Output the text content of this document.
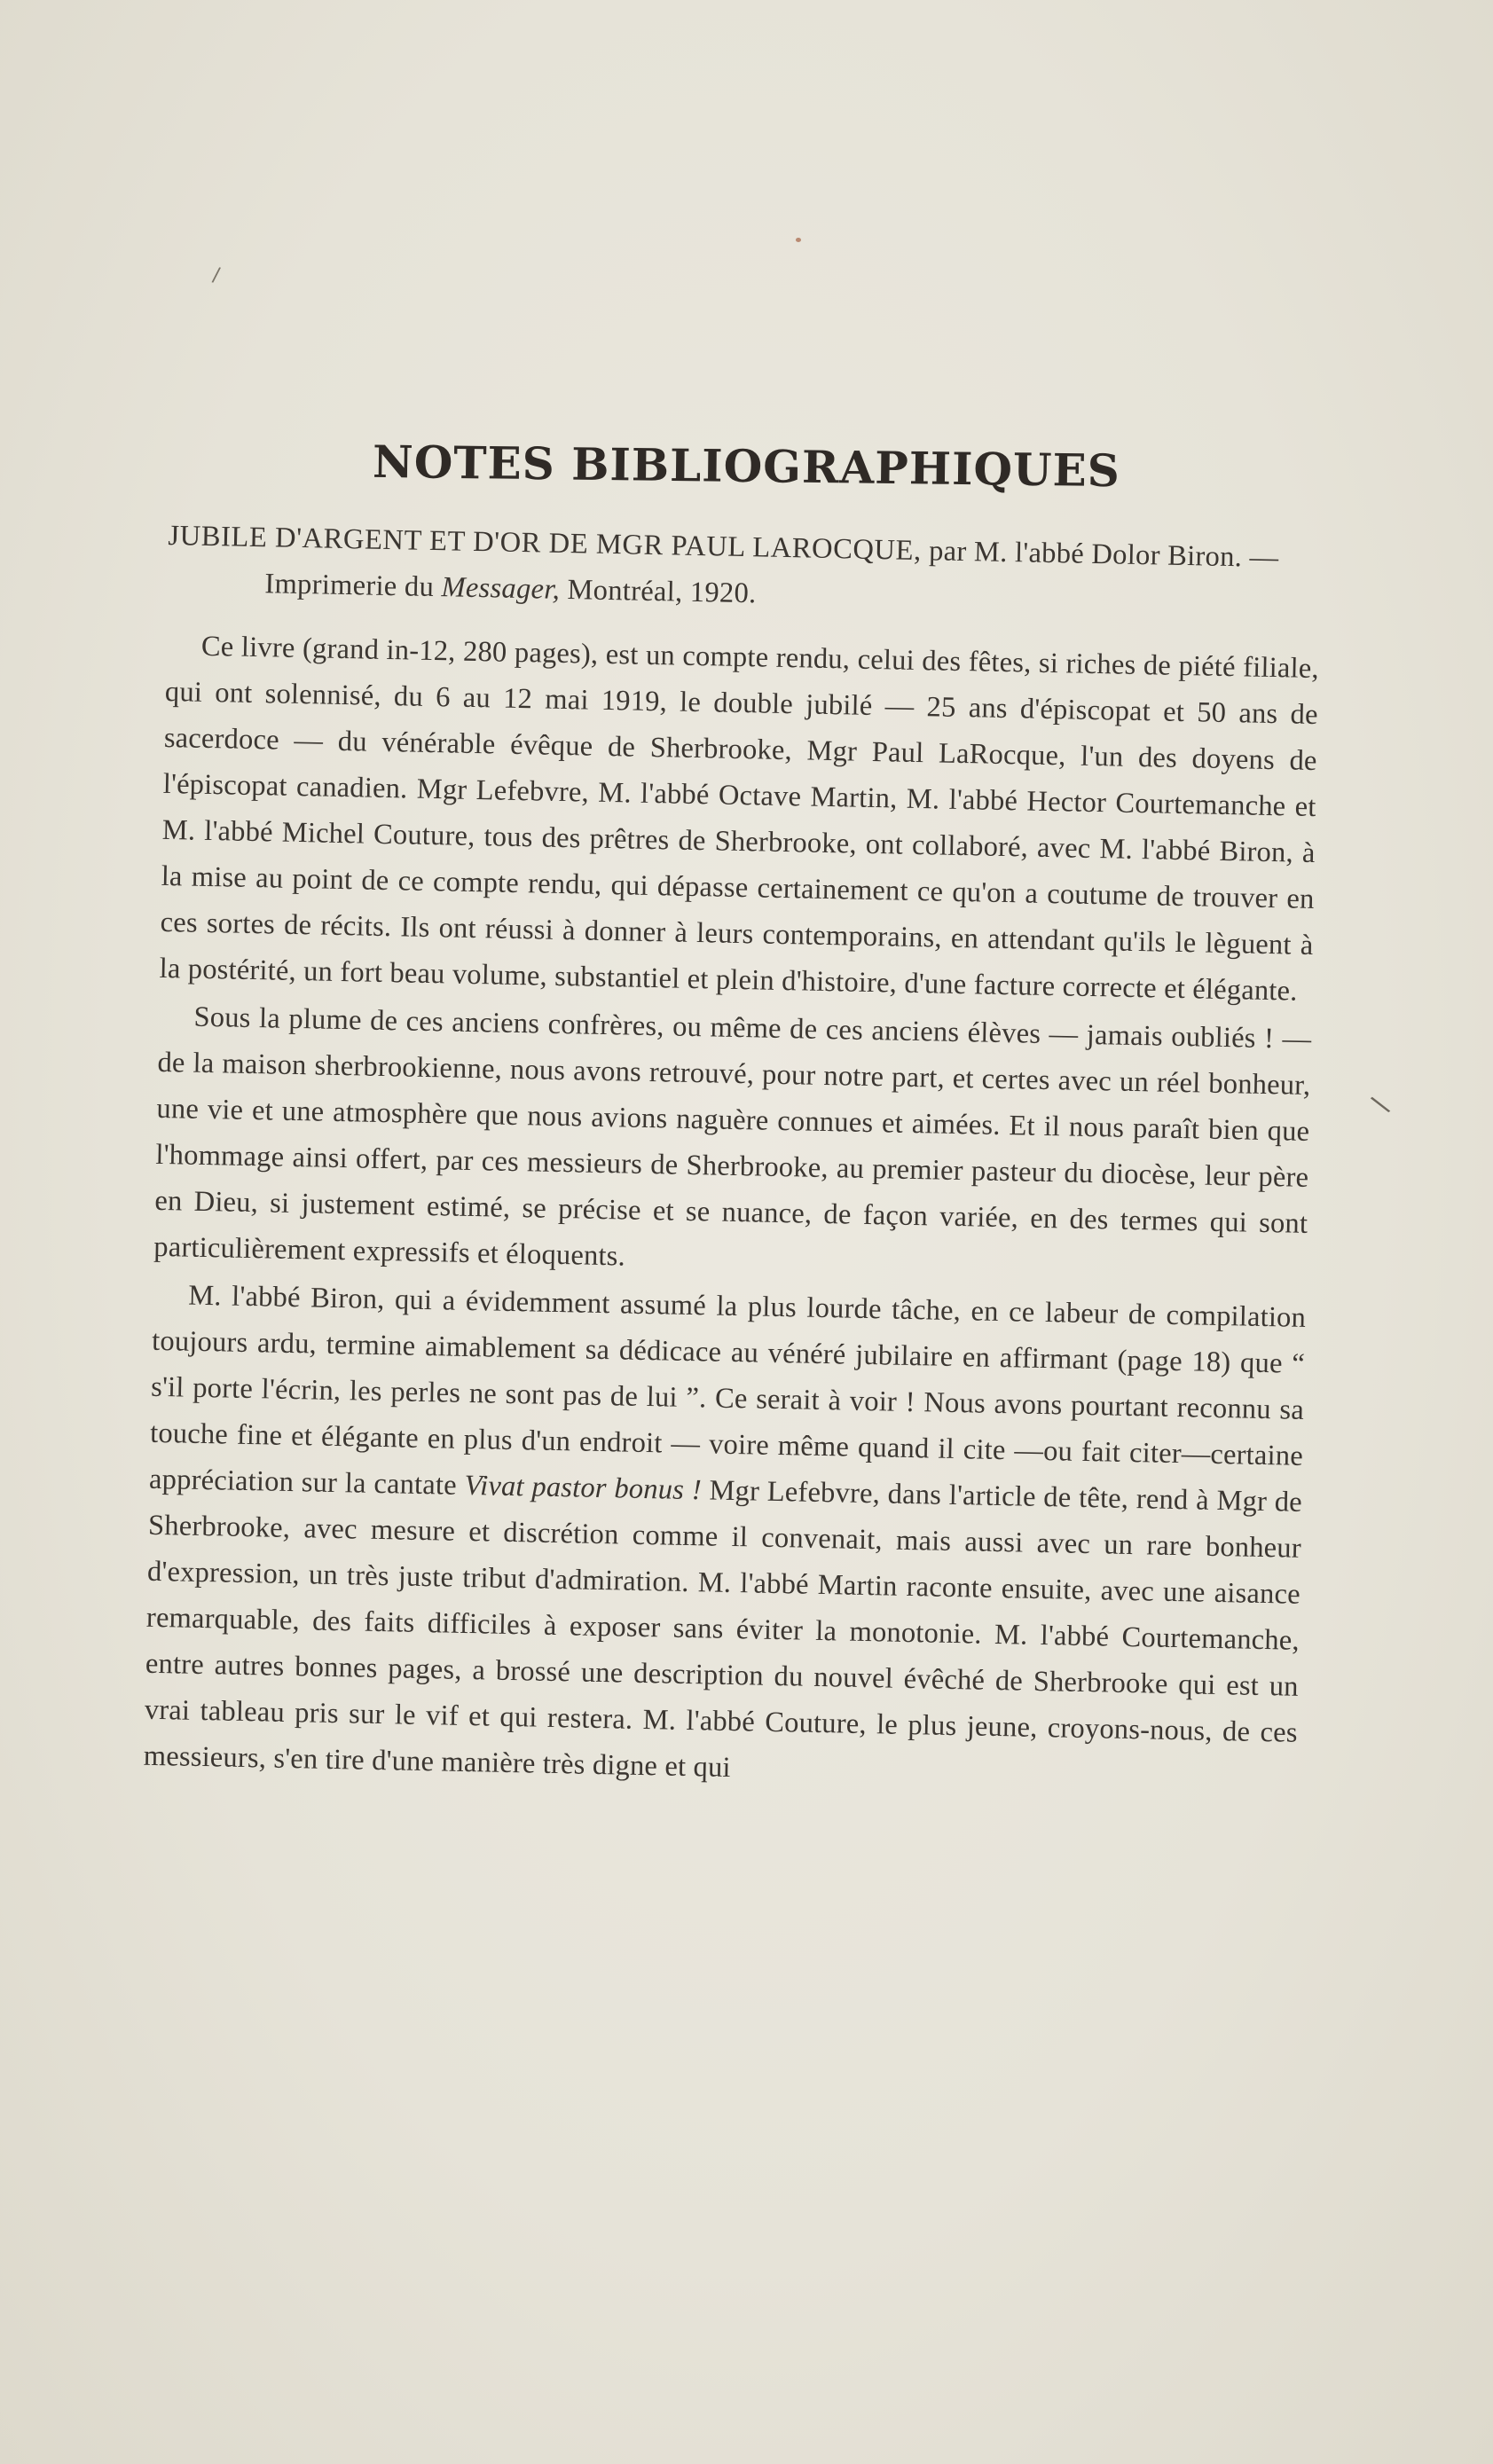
/
\
NOTES BIBLIOGRAPHIQUES

JUBILE D'ARGENT ET D'OR DE MGR PAUL LAROCQUE, par M. l'abbé Dolor Biron. — Imprimerie du Messager, Montréal, 1920.

Ce livre (grand in-12, 280 pages), est un compte rendu, celui des fêtes, si riches de piété filiale, qui ont solennisé, du 6 au 12 mai 1919, le double jubilé — 25 ans d'épiscopat et 50 ans de sacerdoce — du vénérable évêque de Sherbrooke, Mgr Paul LaRocque, l'un des doyens de l'épiscopat canadien. Mgr Lefebvre, M. l'abbé Octave Martin, M. l'abbé Hector Courtemanche et M. l'abbé Michel Couture, tous des prêtres de Sherbrooke, ont collaboré, avec M. l'abbé Biron, à la mise au point de ce compte rendu, qui dépasse certainement ce qu'on a coutume de trouver en ces sortes de récits. Ils ont réussi à donner à leurs contemporains, en attendant qu'ils le lèguent à la postérité, un fort beau volume, substantiel et plein d'histoire, d'une facture correcte et élégante.

Sous la plume de ces anciens confrères, ou même de ces anciens élèves — jamais oubliés ! — de la maison sherbrookienne, nous avons retrouvé, pour notre part, et certes avec un réel bonheur, une vie et une atmosphère que nous avions naguère connues et aimées. Et il nous paraît bien que l'hommage ainsi offert, par ces messieurs de Sherbrooke, au premier pasteur du diocèse, leur père en Dieu, si justement estimé, se précise et se nuance, de façon variée, en des termes qui sont particulièrement expressifs et éloquents.

M. l'abbé Biron, qui a évidemment assumé la plus lourde tâche, en ce labeur de compilation toujours ardu, termine aimablement sa dédicace au vénéré jubilaire en affirmant (page 18) que “ s'il porte l'écrin, les perles ne sont pas de lui ”. Ce serait à voir ! Nous avons pourtant reconnu sa touche fine et élégante en plus d'un endroit — voire même quand il cite —ou fait citer—certaine appréciation sur la cantate Vivat pastor bonus ! Mgr Lefebvre, dans l'article de tête, rend à Mgr de Sherbrooke, avec mesure et discrétion comme il convenait, mais aussi avec un rare bonheur d'expression, un très juste tribut d'admiration. M. l'abbé Martin raconte ensuite, avec une aisance remarquable, des faits difficiles à exposer sans éviter la monotonie. M. l'abbé Courtemanche, entre autres bonnes pages, a brossé une description du nouvel évêché de Sherbrooke qui est un vrai tableau pris sur le vif et qui restera. M. l'abbé Couture, le plus jeune, croyons-nous, de ces messieurs, s'en tire d'une manière très digne et qui
